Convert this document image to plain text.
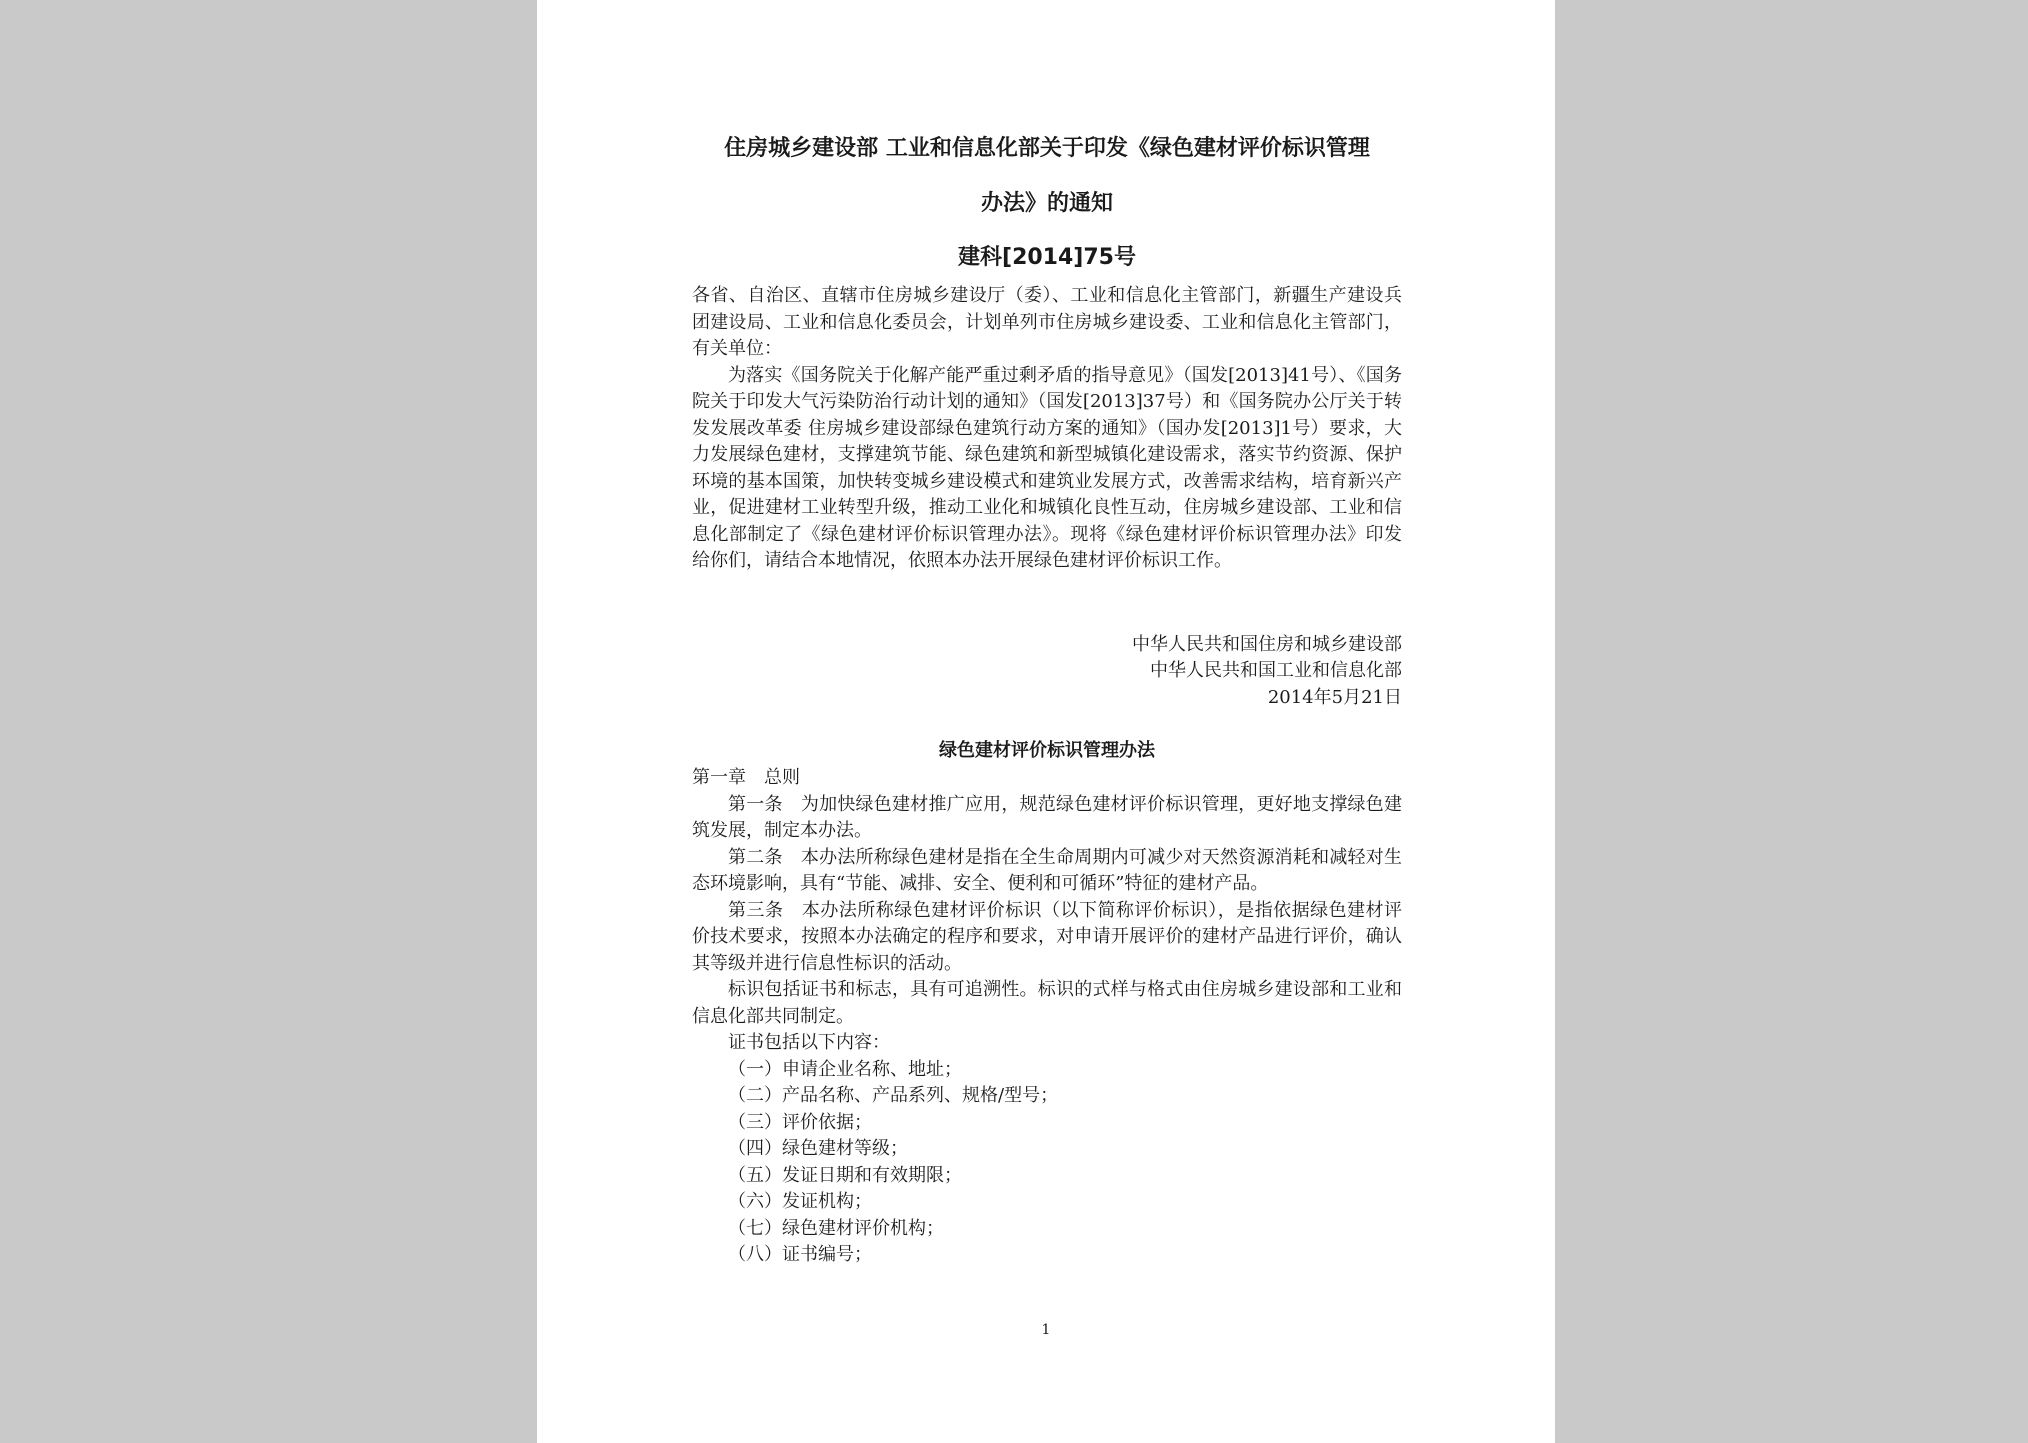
住房城乡建设部 工业和信息化部关于印发《绿色建材评价标识管理
办法》的通知
建科[2014]75号

各省、自治区、直辖市住房城乡建设厅（委）、工业和信息化主管部门，新疆生产建设兵团建设局、工业和信息化委员会，计划单列市住房城乡建设委、工业和信息化主管部门，有关单位：

为落实《国务院关于化解产能严重过剩矛盾的指导意见》（国发[2013]41号）、《国务院关于印发大气污染防治行动计划的通知》（国发[2013]37号）和《国务院办公厅关于转发发展改革委 住房城乡建设部绿色建筑行动方案的通知》（国办发[2013]1号）要求，大力发展绿色建材，支撑建筑节能、绿色建筑和新型城镇化建设需求，落实节约资源、保护环境的基本国策，加快转变城乡建设模式和建筑业发展方式，改善需求结构，培育新兴产业，促进建材工业转型升级，推动工业化和城镇化良性互动，住房城乡建设部、工业和信息化部制定了《绿色建材评价标识管理办法》。现将《绿色建材评价标识管理办法》印发给你们，请结合本地情况，依照本办法开展绿色建材评价标识工作。

中华人民共和国住房和城乡建设部
中华人民共和国工业和信息化部
2014年5月21日
绿色建材评价标识管理办法

第一章　总则

第一条　为加快绿色建材推广应用，规范绿色建材评价标识管理，更好地支撑绿色建筑发展，制定本办法。

第二条　本办法所称绿色建材是指在全生命周期内可减少对天然资源消耗和减轻对生态环境影响，具有“节能、减排、安全、便利和可循环”特征的建材产品。

第三条　本办法所称绿色建材评价标识（以下简称评价标识），是指依据绿色建材评价技术要求，按照本办法确定的程序和要求，对申请开展评价的建材产品进行评价，确认其等级并进行信息性标识的活动。

标识包括证书和标志，具有可追溯性。标识的式样与格式由住房城乡建设部和工业和信息化部共同制定。

证书包括以下内容：

（一）申请企业名称、地址；

（二）产品名称、产品系列、规格/型号；

（三）评价依据；

（四）绿色建材等级；

（五）发证日期和有效期限；

（六）发证机构；

（七）绿色建材评价机构；

（八）证书编号；

1
